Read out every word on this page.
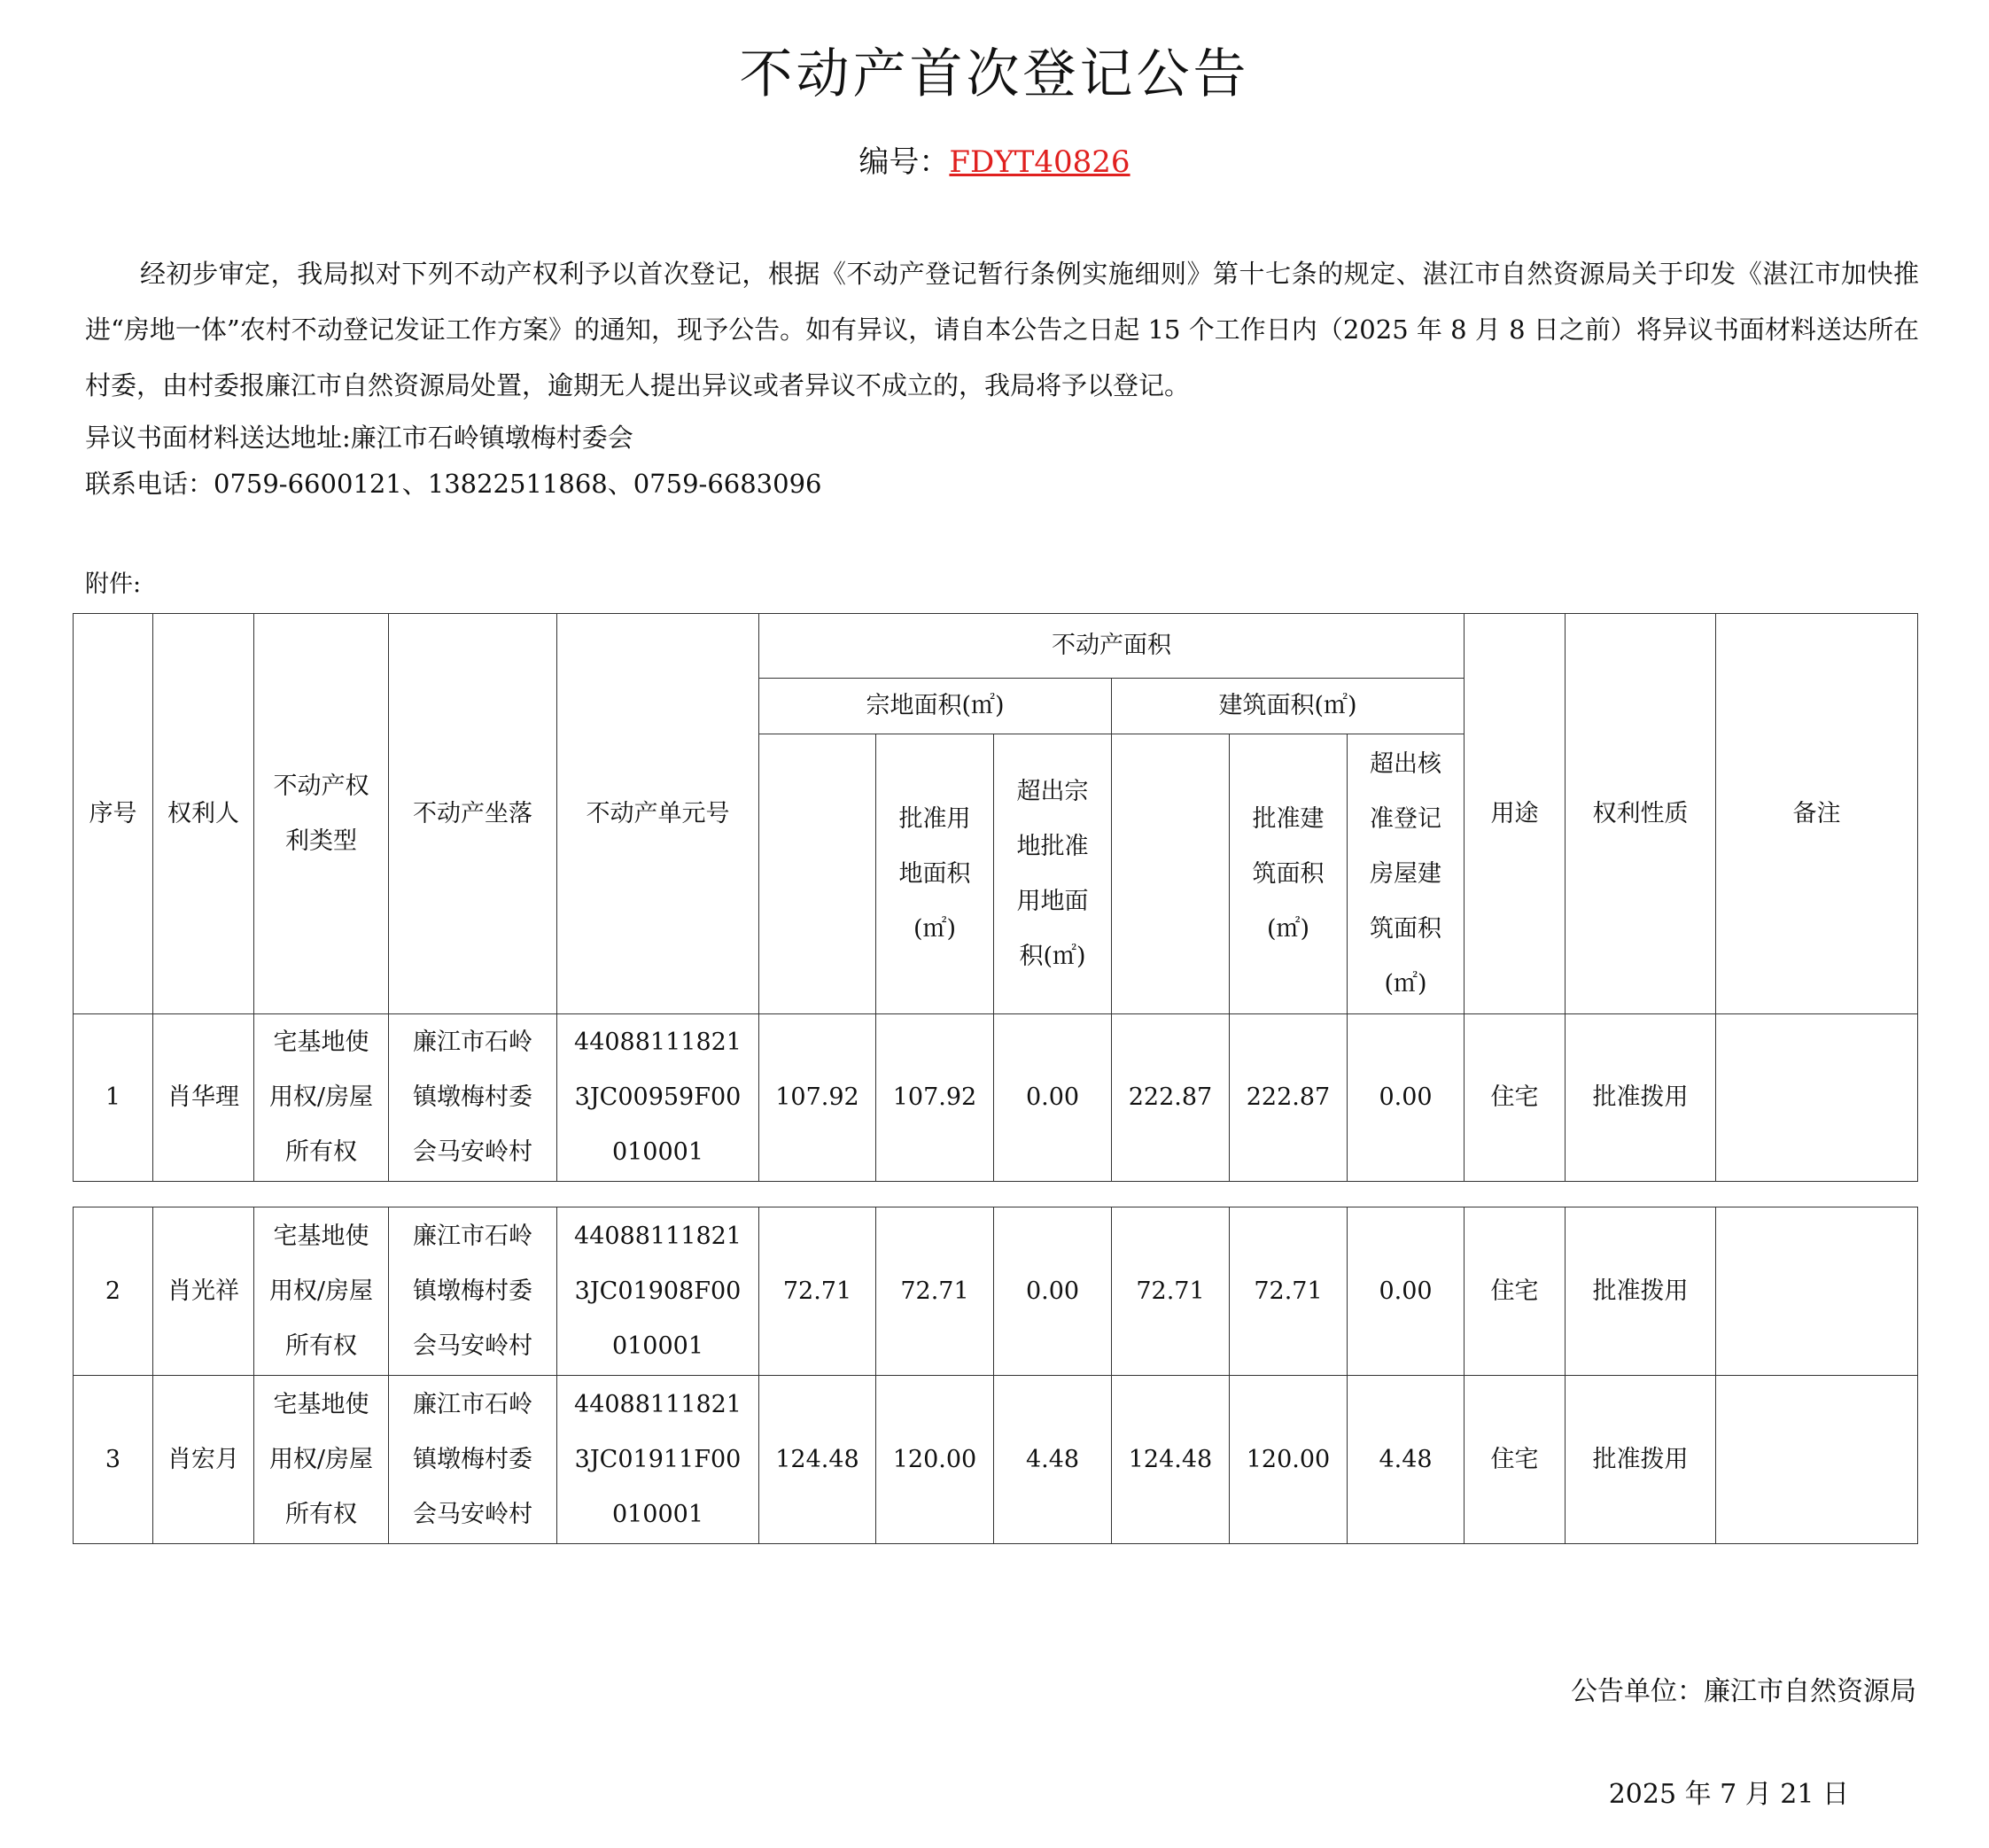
不动产首次登记公告
编号：FDYT40826

经初步审定，我局拟对下列不动产权利予以首次登记，根据《不动产登记暂行条例实施细则》第十七条的规定、湛江市自然资源局关于印发《湛江市加快推进“房地一体”农村不动登记发证工作方案》的通知，现予公告。如有异议，请自本公告之日起 15 个工作日内（2025 年 8 月 8 日之前）将异议书面材料送达所在村委，由村委报廉江市自然资源局处置，逾期无人提出异议或者异议不成立的，我局将予以登记。

异议书面材料送达地址:廉江市石岭镇墩梅村委会
联系电话：0759-6600121、13822511868、0759-6683096
附件:
序号	权利人	不动产权利类型	不动产坐落	不动产单元号	不动产面积						用途	权利性质	备注
					宗地面积(㎡)			建筑面积(㎡)					
						批准用地面积(㎡)	超出宗地批准用地面积(㎡)		批准建筑面积(㎡)	超出核准登记房屋建筑面积(㎡)			
1	肖华理	宅基地使用权/房屋所有权	廉江市石岭镇墩梅村委会马安岭村	440881118213JC00959F00010001	107.92	107.92	0.00	222.87	222.87	0.00	住宅	批准拨用	
2	肖光祥	宅基地使用权/房屋所有权	廉江市石岭镇墩梅村委会马安岭村	440881118213JC01908F00010001	72.71	72.71	0.00	72.71	72.71	0.00	住宅	批准拨用	
3	肖宏月	宅基地使用权/房屋所有权	廉江市石岭镇墩梅村委会马安岭村	440881118213JC01911F00010001	124.48	120.00	4.48	124.48	120.00	4.48	住宅	批准拨用	
公告单位：廉江市自然资源局
2025 年 7 月 21 日
